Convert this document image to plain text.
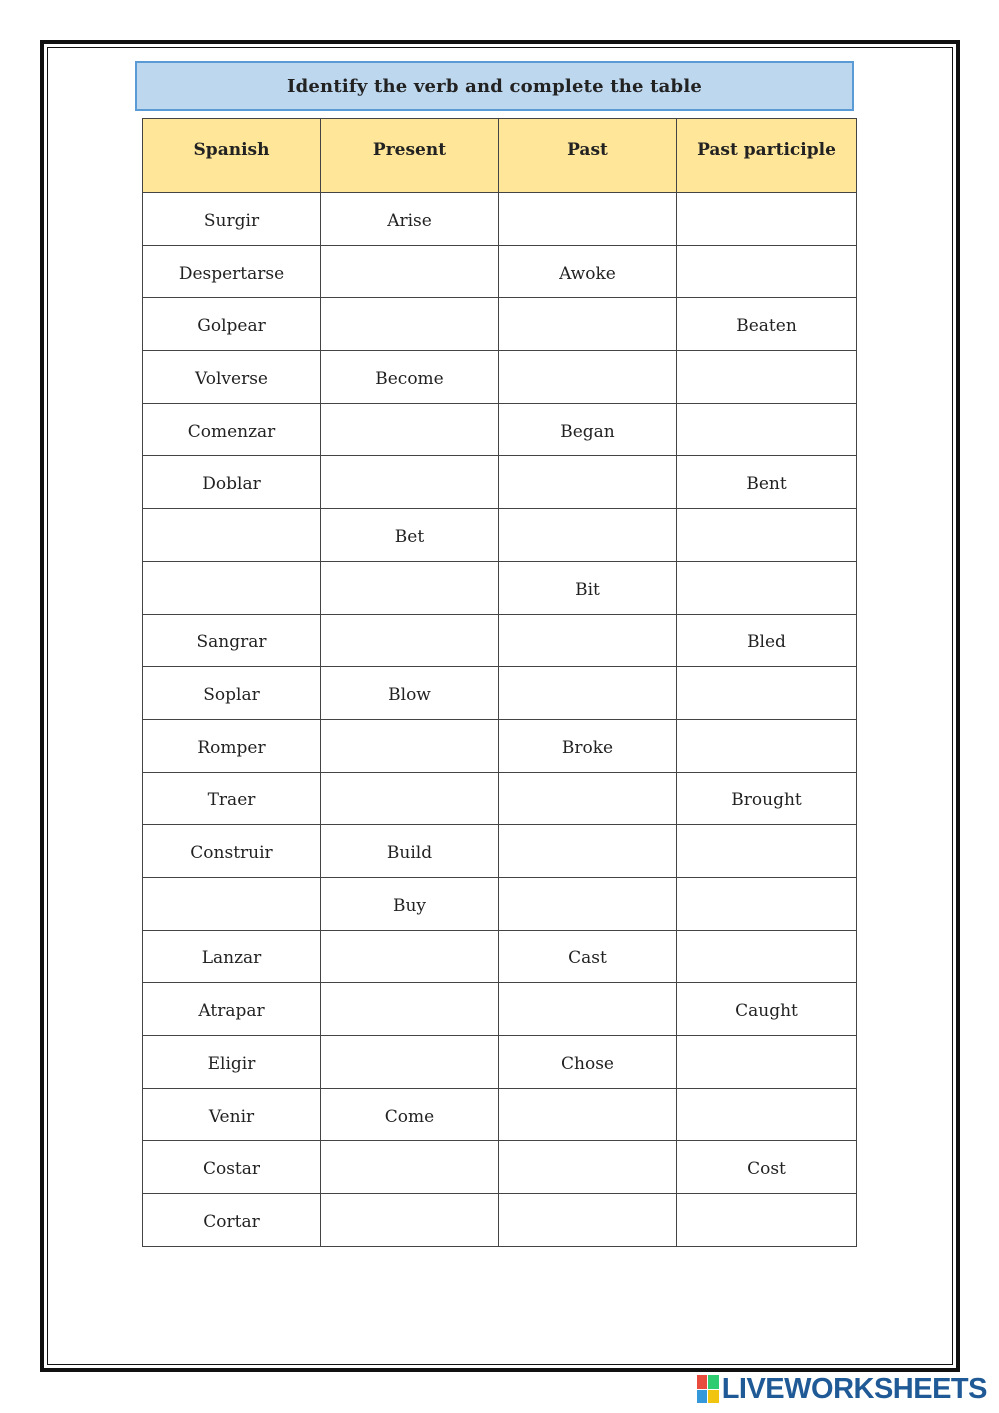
Identify the verb and complete the table
Spanish	Present	Past	Past participle
Surgir	Arise		
Despertarse		Awoke	
Golpear			Beaten
Volverse	Become		
Comenzar		Began	
Doblar			Bent
	Bet		
		Bit	
Sangrar			Bled
Soplar	Blow		
Romper		Broke	
Traer			Brought
Construir	Build		
	Buy		
Lanzar		Cast	
Atrapar			Caught
Eligir		Chose	
Venir	Come		
Costar			Cost
Cortar			
LIVEWORKSHEETS
